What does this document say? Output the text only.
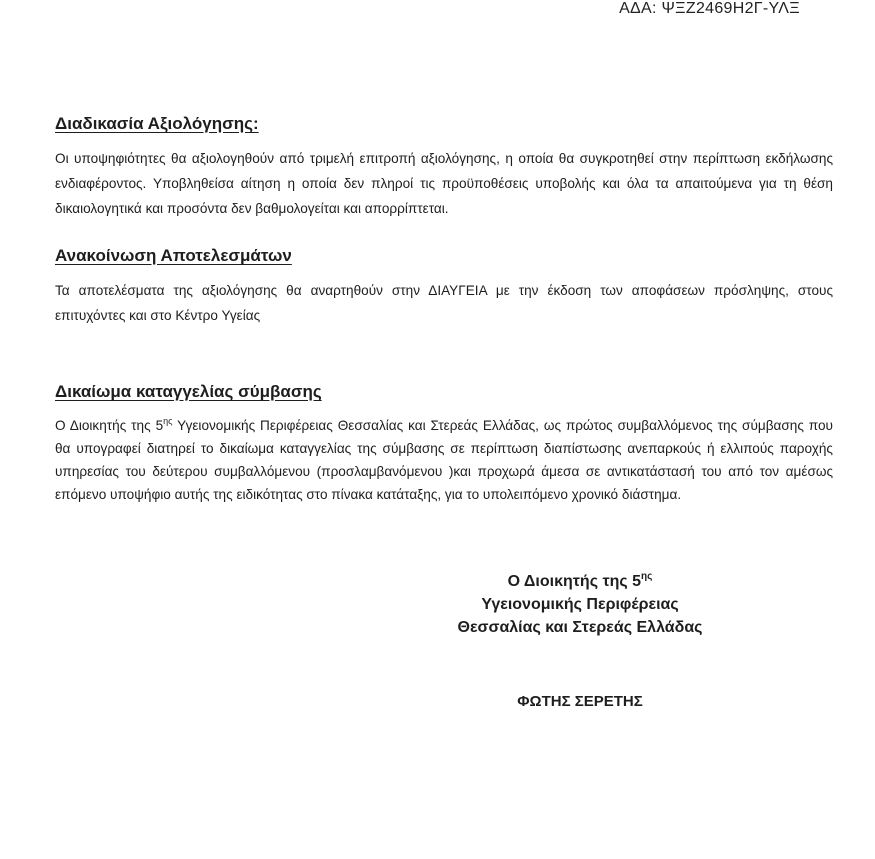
ΑΔΑ: ΨΞΖ2469Η2Γ-ΥΛΞ
Διαδικασία Αξιολόγησης:

Οι υποψηφιότητες θα αξιολογηθούν από τριμελή επιτροπή αξιολόγησης, η οποία θα συγκροτηθεί στην περίπτωση εκδήλωσης ενδιαφέροντος. Υποβληθείσα αίτηση η οποία δεν πληροί τις προϋποθέσεις υποβολής και όλα τα απαιτούμενα για τη θέση δικαιολογητικά και προσόντα δεν βαθμολογείται και απορρίπτεται.

Ανακοίνωση Αποτελεσμάτων

Τα αποτελέσματα της αξιολόγησης θα αναρτηθούν στην ΔΙΑΥΓΕΙΑ με την έκδοση των αποφάσεων πρόσληψης, στους επιτυχόντες και στο Κέντρο Υγείας

Δικαίωμα καταγγελίας σύμβασης

Ο Διοικητής της $5^{\eta\varsigma}$ Υγειονομικής Περιφέρειας Θεσσαλίας και Στερεάς Ελλάδας, ως πρώτος συμβαλλόμενος της σύμβασης που θα υπογραφεί διατηρεί το δικαίωμα καταγγελίας της σύμβασης σε περίπτωση διαπίστωσης ανεπαρκούς ή ελλιπούς παροχής υπηρεσίας του δεύτερου συμβαλλόμενου (προσλαμβανόμενου )και προχωρά άμεσα σε αντικατάστασή του από τον αμέσως επόμενο υποψήφιο αυτής της ειδικότητας στο πίνακα κατάταξης, για το υπολειπόμενο χρονικό διάστημα.

Ο Διοικητής της $5^{\eta\varsigma}$
Υγειονομικής Περιφέρειας
Θεσσαλίας και Στερεάς Ελλάδας
ΦΩΤΗΣ ΣΕΡΕΤΗΣ
